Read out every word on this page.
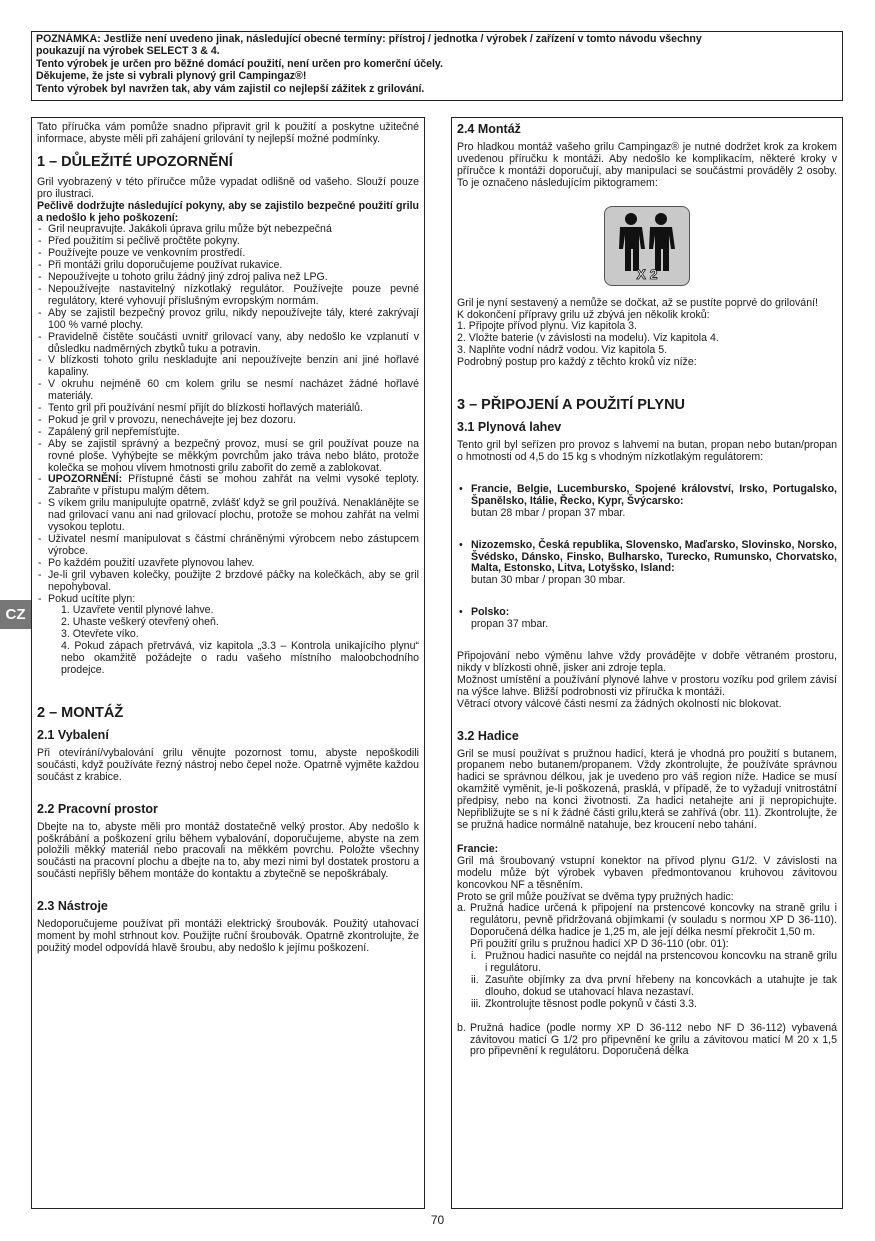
POZNÁMKA: Jestliže není uvedeno jinak, následující obecné termíny: přístroj / jednotka / výrobek / zařízení v tomto návodu všechny
poukazují na výrobek SELECT 3 & 4.
Tento výrobek je určen pro běžné domácí použití, není určen pro komerční účely.
Děkujeme, že jste si vybrali plynový gril Campingaz®!
Tento výrobek byl navržen tak, aby vám zajistil co nejlepší zážitek z grilování.
CZ

Tato příručka vám pomůže snadno připravit gril k použití a poskytne užitečné informace, abyste měli při zahájení grilování ty nejlepší možné podmínky.

1 – DŮLEŽITÉ UPOZORNĚNÍ

Gril vyobrazený v této příručce může vypadat odlišně od vašeho. Slouží pouze pro ilustraci.

Pečlivě dodržujte následující pokyny, aby se zajistilo bezpečné použití grilu a nedošlo k jeho poškození:

- Gril neupravujte. Jakákoli úprava grilu může být nebezpečná
- Před použitím si pečlivě pročtěte pokyny.
- Používejte pouze ve venkovním prostředí.
- Při montáži grilu doporučujeme používat rukavice.
- Nepoužívejte u tohoto grilu žádný jiný zdroj paliva než LPG.
- Nepoužívejte nastavitelný nízkotlaký regulátor. Používejte pouze pevné regulátory, které vyhovují příslušným evropským normám.
- Aby se zajistil bezpečný provoz grilu, nikdy nepoužívejte tály, které zakrývají 100 % varné plochy.
- Pravidelně čistěte součásti uvnitř grilovací vany, aby nedošlo ke vzplanutí v důsledku nadměrných zbytků tuku a potravin.
- V blízkosti tohoto grilu neskladujte ani nepoužívejte benzin ani jiné hořlavé kapaliny.
- V okruhu nejméně 60 cm kolem grilu se nesmí nacházet žádné hořlavé materiály.
- Tento gril při používání nesmí přijít do blízkosti hořlavých materiálů.
- Pokud je gril v provozu, nenechávejte jej bez dozoru.
- Zapálený gril nepřemísťujte.
- Aby se zajistil správný a bezpečný provoz, musí se gril používat pouze na rovné ploše. Vyhýbejte se měkkým povrchům jako tráva nebo bláto, protože kolečka se mohou vlivem hmotnosti grilu zabořit do země a zablokovat.
- UPOZORNĚNÍ: Přístupné části se mohou zahřát na velmi vysoké teploty. Zabraňte v přístupu malým dětem.
- S víkem grilu manipulujte opatrně, zvlášť když se gril používá. Nenaklánějte se nad grilovací vanu ani nad grilovací plochu, protože se mohou zahřát na velmi vysokou teplotu.
- Uživatel nesmí manipulovat s částmi chráněnými výrobcem nebo zástupcem výrobce.
- Po každém použití uzavřete plynovou lahev.
- Je-li gril vybaven kolečky, použijte 2 brzdové páčky na kolečkách, aby se gril nepohyboval.
- Pokud ucítíte plyn:
1. Uzavřete ventil plynové lahve.
2. Uhaste veškerý otevřený oheň.
3. Otevřete víko.
4. Pokud zápach přetrvává, viz kapitola „3.3 – Kontrola unikajícího plynu“ nebo okamžitě požádejte o radu vašeho místního maloobchodního prodejce.
2 – MONTÁŽ
2.1 Vybalení

Při otevírání/vybalování grilu věnujte pozornost tomu, abyste nepoškodili součásti, když používáte řezný nástroj nebo čepel nože. Opatrně vyjměte každou součást z krabice.

2.2 Pracovní prostor

Dbejte na to, abyste měli pro montáž dostatečně velký prostor. Aby nedošlo k poškrábání a poškození grilu během vybalování, doporučujeme, abyste na zem položili měkký materiál nebo pracovali na měkkém povrchu. Položte všechny součásti na pracovní plochu a dbejte na to, aby mezi nimi byl dostatek prostoru a součásti nepřišly během montáže do kontaktu a zbytečně se nepoškrábaly.

2.3 Nástroje

Nedoporučujeme používat při montáži elektrický šroubovák. Použitý utahovací moment by mohl strhnout kov. Použijte ruční šroubovák. Opatrně zkontrolujte, že použitý model odpovídá hlavě šroubu, aby nedošlo k jejímu poškození.

2.4 Montáž

Pro hladkou montáž vašeho grilu Campingaz® je nutné dodržet krok za krokem uvedenou příručku k montáži. Aby nedošlo ke komplikacím, některé kroky v příručce k montáži doporučují, aby manipulaci se součástmi prováděly 2 osoby. To je označeno následujícím piktogramem:

X 2

Gril je nyní sestavený a nemůže se dočkat, až se pustíte poprvé do grilování!

K dokončení přípravy grilu už zbývá jen několik kroků:

1. Připojte přívod plynu. Viz kapitola 3.

2. Vložte baterie (v závislosti na modelu). Viz kapitola 4.

3. Naplňte vodní nádrž vodou. Viz kapitola 5.

Podrobný postup pro každý z těchto kroků viz níže:

3 – PŘIPOJENÍ A POUŽITÍ PLYNU
3.1 Plynová lahev

Tento gril byl seřízen pro provoz s lahvemi na butan, propan nebo butan/propan o hmotnosti od 4,5 do 15 kg s vhodným nízkotlakým regulátorem:

• Francie, Belgie, Lucembursko, Spojené království, Irsko, Portugalsko, Španělsko, Itálie, Řecko, Kypr, Švýcarsko:
butan 28 mbar / propan 37 mbar.
• Nizozemsko, Česká republika, Slovensko, Maďarsko, Slovinsko, Norsko, Švédsko, Dánsko, Finsko, Bulharsko, Turecko, Rumunsko, Chorvatsko, Malta, Estonsko, Litva, Lotyšsko, Island:
butan 30 mbar / propan 30 mbar.
• Polsko:
propan 37 mbar.

Připojování nebo výměnu lahve vždy provádějte v dobře větraném prostoru, nikdy v blízkosti ohně, jisker ani zdroje tepla.

Možnost umístění a používání plynové lahve v prostoru vozíku pod grilem závisí na výšce lahve. Bližší podrobnosti viz příručka k montáži.

Větrací otvory válcové části nesmí za žádných okolností nic blokovat.

3.2 Hadice

Gril se musí používat s pružnou hadicí, která je vhodná pro použití s butanem, propanem nebo butanem/propanem. Vždy zkontrolujte, že používáte správnou hadici se správnou délkou, jak je uvedeno pro váš region níže. Hadice se musí okamžitě vyměnit, je-li poškozená, prasklá, v případě, že to vyžadují vnitrostátní předpisy, nebo na konci životnosti. Za hadici netahejte ani ji nepropichujte. Nepřibližujte se s ní k žádné části grilu,která se zahřívá (obr. 11). Zkontrolujte, že se pružná hadice normálně natahuje, bez kroucení nebo tahání.

Francie:

Gril má šroubovaný vstupní konektor na přívod plynu G1/2. V závislosti na modelu může být výrobek vybaven předmontovanou kruhovou závitovou koncovkou NF a těsněním.

Proto se gril může používat se dvěma typy pružných hadic:

a. Pružná hadice určená k připojení na prstencové koncovky na straně grilu i regulátoru, pevně přidržovaná objímkami (v souladu s normou XP D 36-110). Doporučená délka hadice je 1,25 m, ale její délka nesmí překročit 1,50 m.
Při použití grilu s pružnou hadicí XP D 36-110 (obr. 01):
i. Pružnou hadici nasuňte co nejdál na prstencovou koncovku na straně grilu i regulátoru.
ii. Zasuňte objímky za dva první hřebeny na koncovkách a utahujte je tak dlouho, dokud se utahovací hlava nezastaví.
iii. Zkontrolujte těsnost podle pokynů v části 3.3.
b. Pružná hadice (podle normy XP D 36-112 nebo NF D 36-112) vybavená závitovou maticí G 1/2 pro připevnění ke grilu a závitovou maticí M 20 x 1,5 pro připevnění k regulátoru. Doporučená délka
70
